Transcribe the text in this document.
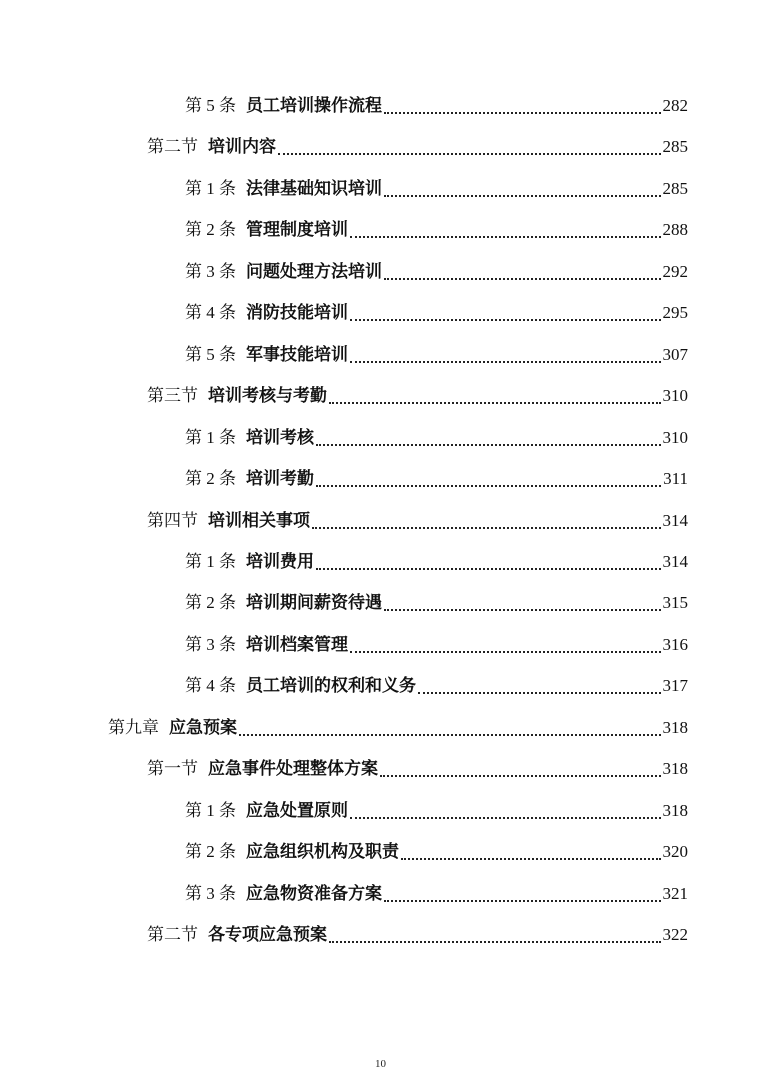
第 5 条 员工培训操作流程	282
第二节 培训内容	285
第 1 条 法律基础知识培训	285
第 2 条 管理制度培训	288
第 3 条 问题处理方法培训	292
第 4 条 消防技能培训	295
第 5 条 军事技能培训	307
第三节 培训考核与考勤	310
第 1 条 培训考核	310
第 2 条 培训考勤	311
第四节 培训相关事项	314
第 1 条 培训费用	314
第 2 条 培训期间薪资待遇	315
第 3 条 培训档案管理	316
第 4 条 员工培训的权利和义务	317
第九章 应急预案	318
第一节 应急事件处理整体方案	318
第 1 条 应急处置原则	318
第 2 条 应急组织机构及职责	320
第 3 条 应急物资准备方案	321
第二节 各专项应急预案	322
10
